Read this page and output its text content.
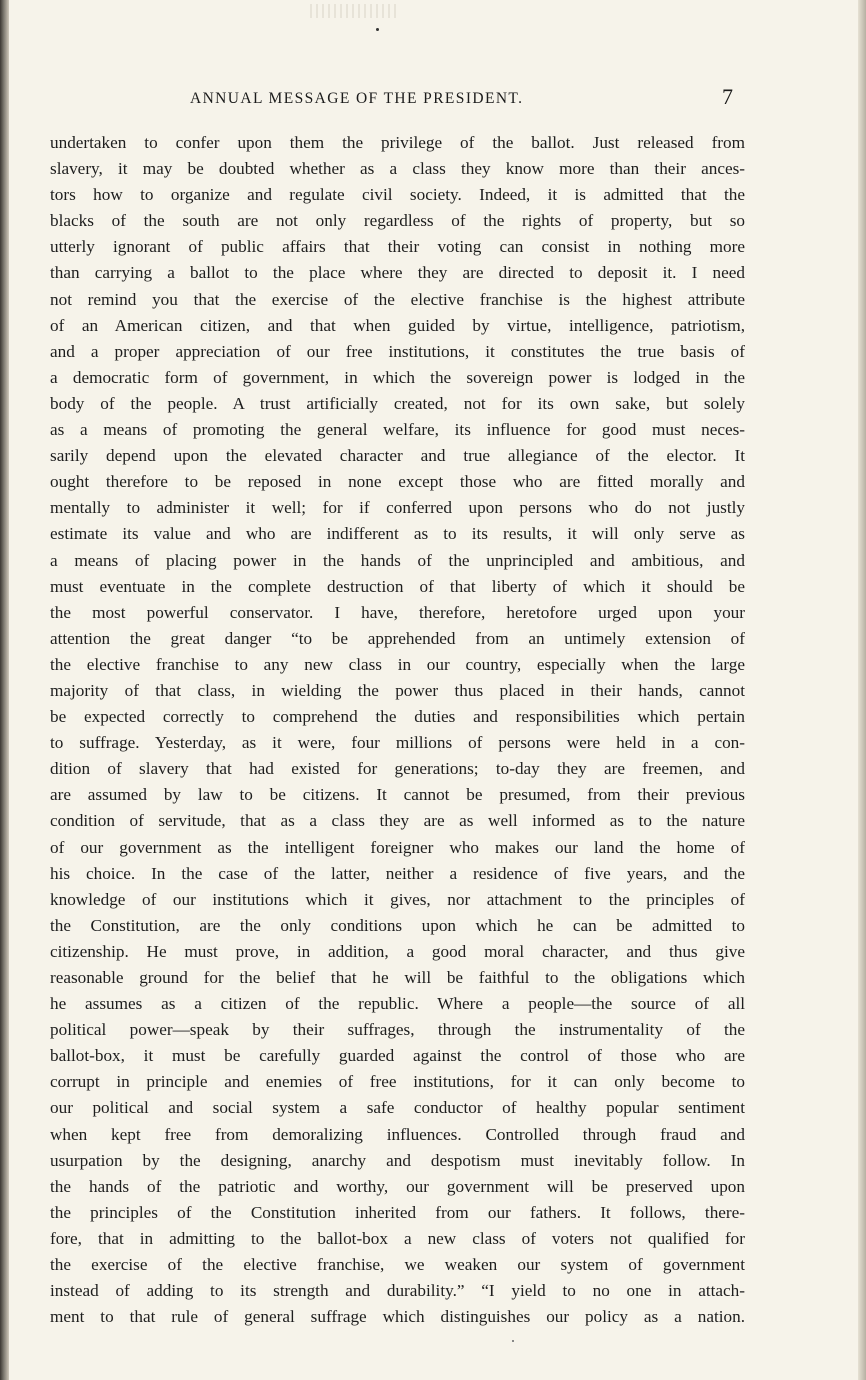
ANNUAL MESSAGE OF THE PRESIDENT.	7
undertaken to confer upon them the privilege of the ballot. Just released from
slavery, it may be doubted whether as a class they know more than their ances-
tors how to organize and regulate civil society. Indeed, it is admitted that the
blacks of the south are not only regardless of the rights of property, but so
utterly ignorant of public affairs that their voting can consist in nothing more
than carrying a ballot to the place where they are directed to deposit it. I need
not remind you that the exercise of the elective franchise is the highest attribute
of an American citizen, and that when guided by virtue, intelligence, patriotism,
and a proper appreciation of our free institutions, it constitutes the true basis of
a democratic form of government, in which the sovereign power is lodged in the
body of the people. A trust artificially created, not for its own sake, but solely
as a means of promoting the general welfare, its influence for good must neces-
sarily depend upon the elevated character and true allegiance of the elector. It
ought therefore to be reposed in none except those who are fitted morally and
mentally to administer it well; for if conferred upon persons who do not justly
estimate its value and who are indifferent as to its results, it will only serve as
a means of placing power in the hands of the unprincipled and ambitious, and
must eventuate in the complete destruction of that liberty of which it should be
the most powerful conservator. I have, therefore, heretofore urged upon your
attention the great danger “to be apprehended from an untimely extension of
the elective franchise to any new class in our country, especially when the large
majority of that class, in wielding the power thus placed in their hands, cannot
be expected correctly to comprehend the duties and responsibilities which pertain
to suffrage. Yesterday, as it were, four millions of persons were held in a con-
dition of slavery that had existed for generations; to-day they are freemen, and
are assumed by law to be citizens. It cannot be presumed, from their previous
condition of servitude, that as a class they are as well informed as to the nature
of our government as the intelligent foreigner who makes our land the home of
his choice. In the case of the latter, neither a residence of five years, and the
knowledge of our institutions which it gives, nor attachment to the principles of
the Constitution, are the only conditions upon which he can be admitted to
citizenship. He must prove, in addition, a good moral character, and thus give
reasonable ground for the belief that he will be faithful to the obligations which
he assumes as a citizen of the republic. Where a people—the source of all
political power—speak by their suffrages, through the instrumentality of the
ballot-box, it must be carefully guarded against the control of those who are
corrupt in principle and enemies of free institutions, for it can only become to
our political and social system a safe conductor of healthy popular sentiment
when kept free from demoralizing influences. Controlled through fraud and
usurpation by the designing, anarchy and despotism must inevitably follow. In
the hands of the patriotic and worthy, our government will be preserved upon
the principles of the Constitution inherited from our fathers. It follows, there-
fore, that in admitting to the ballot-box a new class of voters not qualified for
the exercise of the elective franchise, we weaken our system of government
instead of adding to its strength and durability.” “I yield to no one in attach-
ment to that rule of general suffrage which distinguishes our policy as a nation.
